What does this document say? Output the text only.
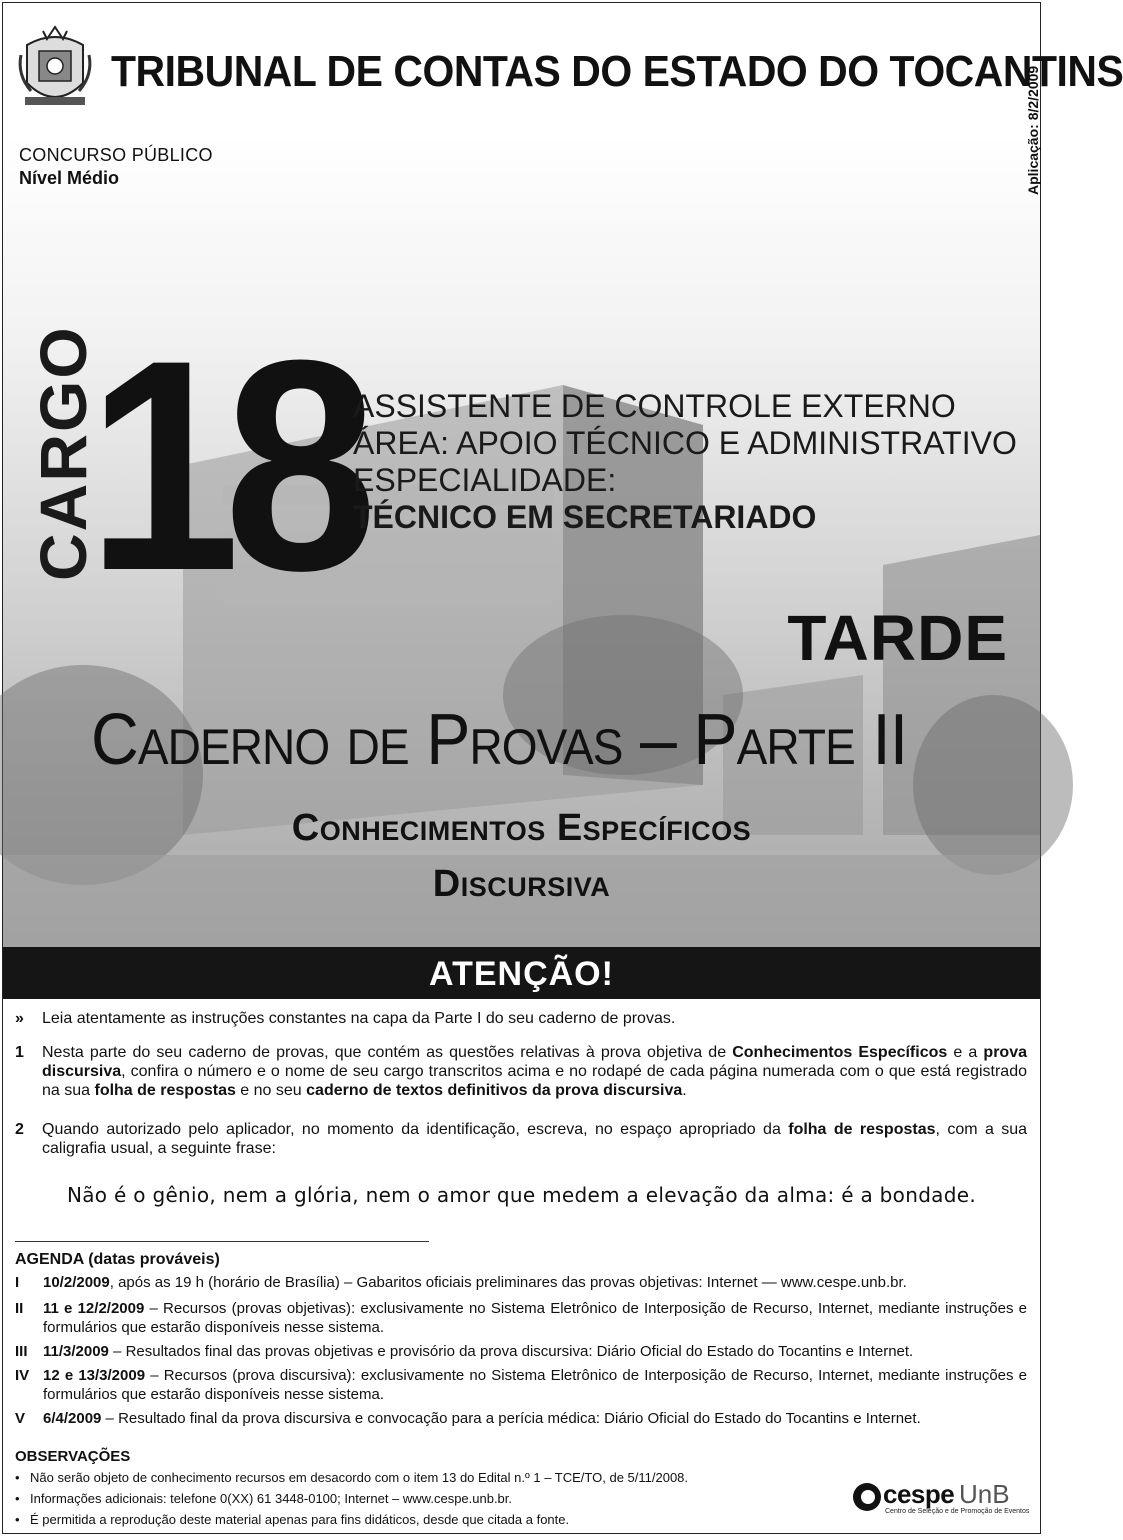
TRIBUNAL DE CONTAS DO ESTADO DO TOCANTINS
CONCURSO PÚBLICO
Nível Médio	Aplicação: 8/2/2009
CARGO
18
ASSISTENTE DE CONTROLE EXTERNO
ÁREA: APOIO TÉCNICO E ADMINISTRATIVO
ESPECIALIDADE:
TÉCNICO EM SECRETARIADO
TARDE
Caderno de Provas – Parte II
Conhecimentos Específicos
Discursiva
ATENÇÃO!
» Leia atentamente as instruções constantes na capa da Parte I do seu caderno de provas.
1 Nesta parte do seu caderno de provas, que contém as questões relativas à prova objetiva de Conhecimentos Específicos e a prova discursiva, confira o número e o nome de seu cargo transcritos acima e no rodapé de cada página numerada com o que está registrado na sua folha de respostas e no seu caderno de textos definitivos da prova discursiva.
2 Quando autorizado pelo aplicador, no momento da identificação, escreva, no espaço apropriado da folha de respostas, com a sua caligrafia usual, a seguinte frase:
Não é o gênio, nem a glória, nem o amor que medem a elevação da alma: é a bondade.
AGENDA (datas prováveis)
I 10/2/2009, após as 19 h (horário de Brasília) – Gabaritos oficiais preliminares das provas objetivas: Internet — www.cespe.unb.br.
II 11 e 12/2/2009 – Recursos (provas objetivas): exclusivamente no Sistema Eletrônico de Interposição de Recurso, Internet, mediante instruções e formulários que estarão disponíveis nesse sistema.
III 11/3/2009 – Resultados final das provas objetivas e provisório da prova discursiva: Diário Oficial do Estado do Tocantins e Internet.
IV 12 e 13/3/2009 – Recursos (prova discursiva): exclusivamente no Sistema Eletrônico de Interposição de Recurso, Internet, mediante instruções e formulários que estarão disponíveis nesse sistema.
V 6/4/2009 – Resultado final da prova discursiva e convocação para a perícia médica: Diário Oficial do Estado do Tocantins e Internet.
OBSERVAÇÕES
• Não serão objeto de conhecimento recursos em desacordo com o item 13 do Edital n.º 1 – TCE/TO, de 5/11/2008.
• Informações adicionais: telefone 0(XX) 61 3448-0100; Internet – www.cespe.unb.br.
• É permitida a reprodução deste material apenas para fins didáticos, desde que citada a fonte.
cespe UnB
Centro de Seleção e de Promoção de Eventos
